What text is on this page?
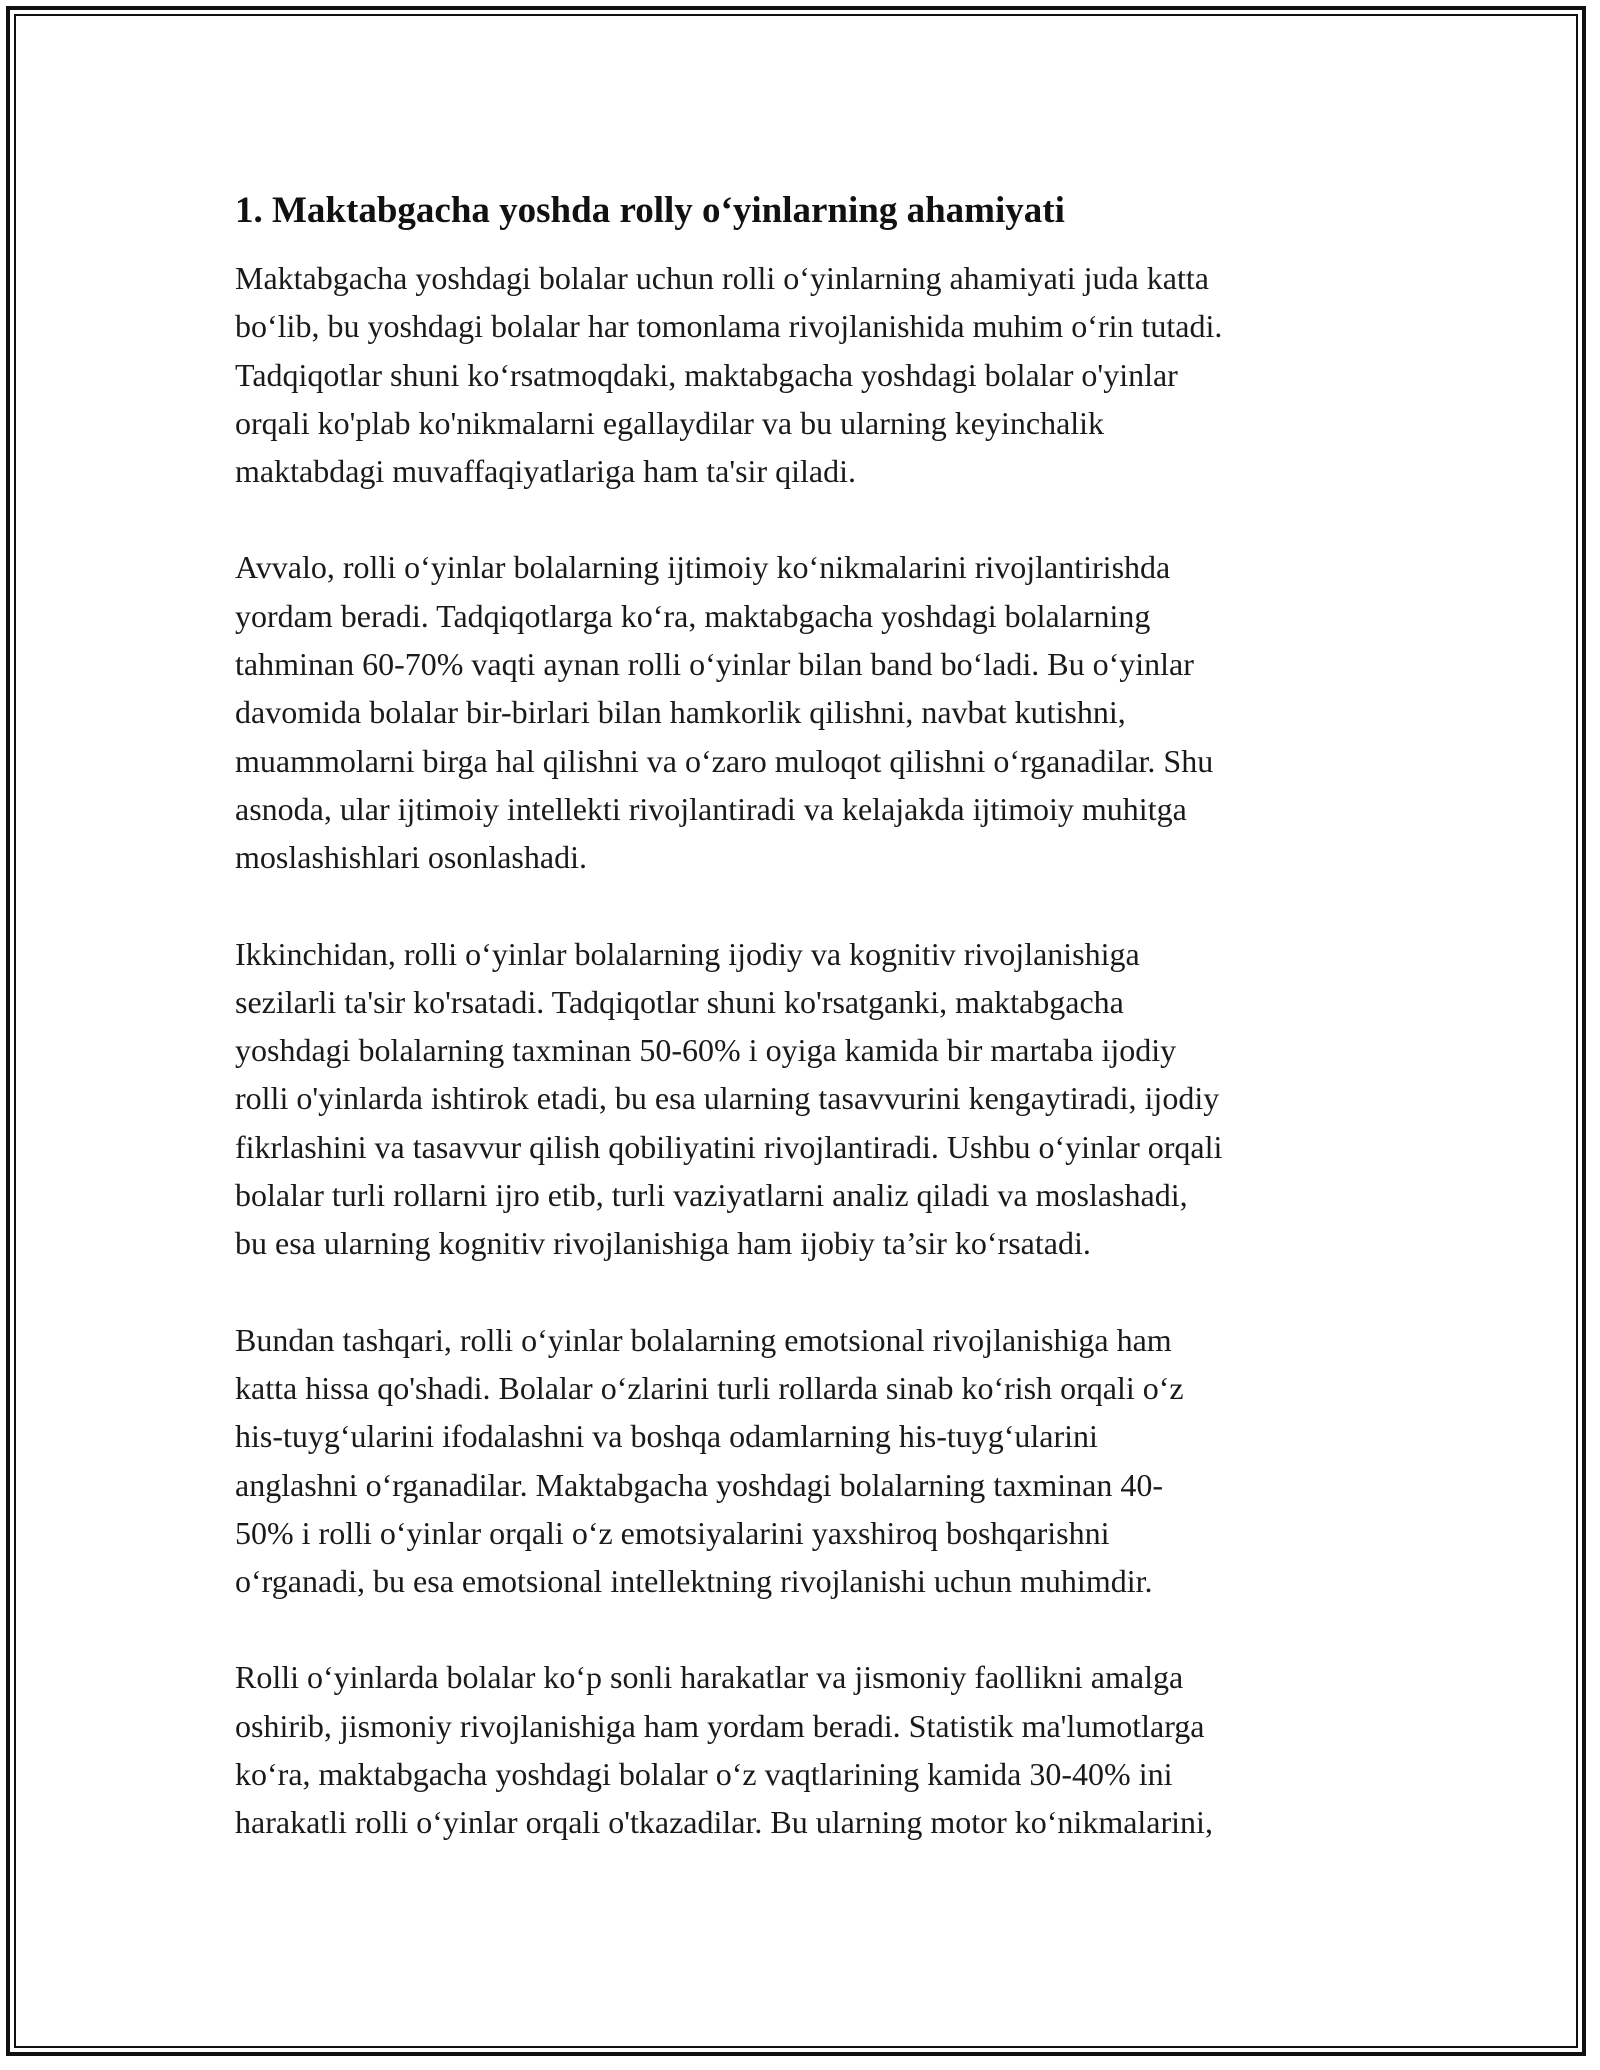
1. Maktabgacha yoshda rolly o‘yinlarning ahamiyati
Maktabgacha yoshdagi bolalar uchun rolli o‘yinlarning ahamiyati juda katta
bo‘lib, bu yoshdagi bolalar har tomonlama rivojlanishida muhim o‘rin tutadi.
Tadqiqotlar shuni ko‘rsatmoqdaki, maktabgacha yoshdagi bolalar o'yinlar
orqali ko'plab ko'nikmalarni egallaydilar va bu ularning keyinchalik
maktabdagi muvaffaqiyatlariga ham ta'sir qiladi.
Avvalo, rolli o‘yinlar bolalarning ijtimoiy ko‘nikmalarini rivojlantirishda
yordam beradi. Tadqiqotlarga ko‘ra, maktabgacha yoshdagi bolalarning
tahminan 60-70% vaqti aynan rolli o‘yinlar bilan band bo‘ladi. Bu o‘yinlar
davomida bolalar bir-birlari bilan hamkorlik qilishni, navbat kutishni,
muammolarni birga hal qilishni va o‘zaro muloqot qilishni o‘rganadilar. Shu
asnoda, ular ijtimoiy intellekti rivojlantiradi va kelajakda ijtimoiy muhitga
moslashishlari osonlashadi.
Ikkinchidan, rolli o‘yinlar bolalarning ijodiy va kognitiv rivojlanishiga
sezilarli ta'sir ko'rsatadi. Tadqiqotlar shuni ko'rsatganki, maktabgacha
yoshdagi bolalarning taxminan 50-60% i oyiga kamida bir martaba ijodiy
rolli o'yinlarda ishtirok etadi, bu esa ularning tasavvurini kengaytiradi, ijodiy
fikrlashini va tasavvur qilish qobiliyatini rivojlantiradi. Ushbu o‘yinlar orqali
bolalar turli rollarni ijro etib, turli vaziyatlarni analiz qiladi va moslashadi,
bu esa ularning kognitiv rivojlanishiga ham ijobiy ta’sir ko‘rsatadi.
Bundan tashqari, rolli o‘yinlar bolalarning emotsional rivojlanishiga ham
katta hissa qo'shadi. Bolalar o‘zlarini turli rollarda sinab ko‘rish orqali o‘z
his-tuyg‘ularini ifodalashni va boshqa odamlarning his-tuyg‘ularini
anglashni o‘rganadilar. Maktabgacha yoshdagi bolalarning taxminan 40-
50% i rolli o‘yinlar orqali o‘z emotsiyalarini yaxshiroq boshqarishni
o‘rganadi, bu esa emotsional intellektning rivojlanishi uchun muhimdir.
Rolli o‘yinlarda bolalar ko‘p sonli harakatlar va jismoniy faollikni amalga
oshirib, jismoniy rivojlanishiga ham yordam beradi. Statistik ma'lumotlarga
ko‘ra, maktabgacha yoshdagi bolalar o‘z vaqtlarining kamida 30-40% ini
harakatli rolli o‘yinlar orqali o'tkazadilar. Bu ularning motor ko‘nikmalarini,
